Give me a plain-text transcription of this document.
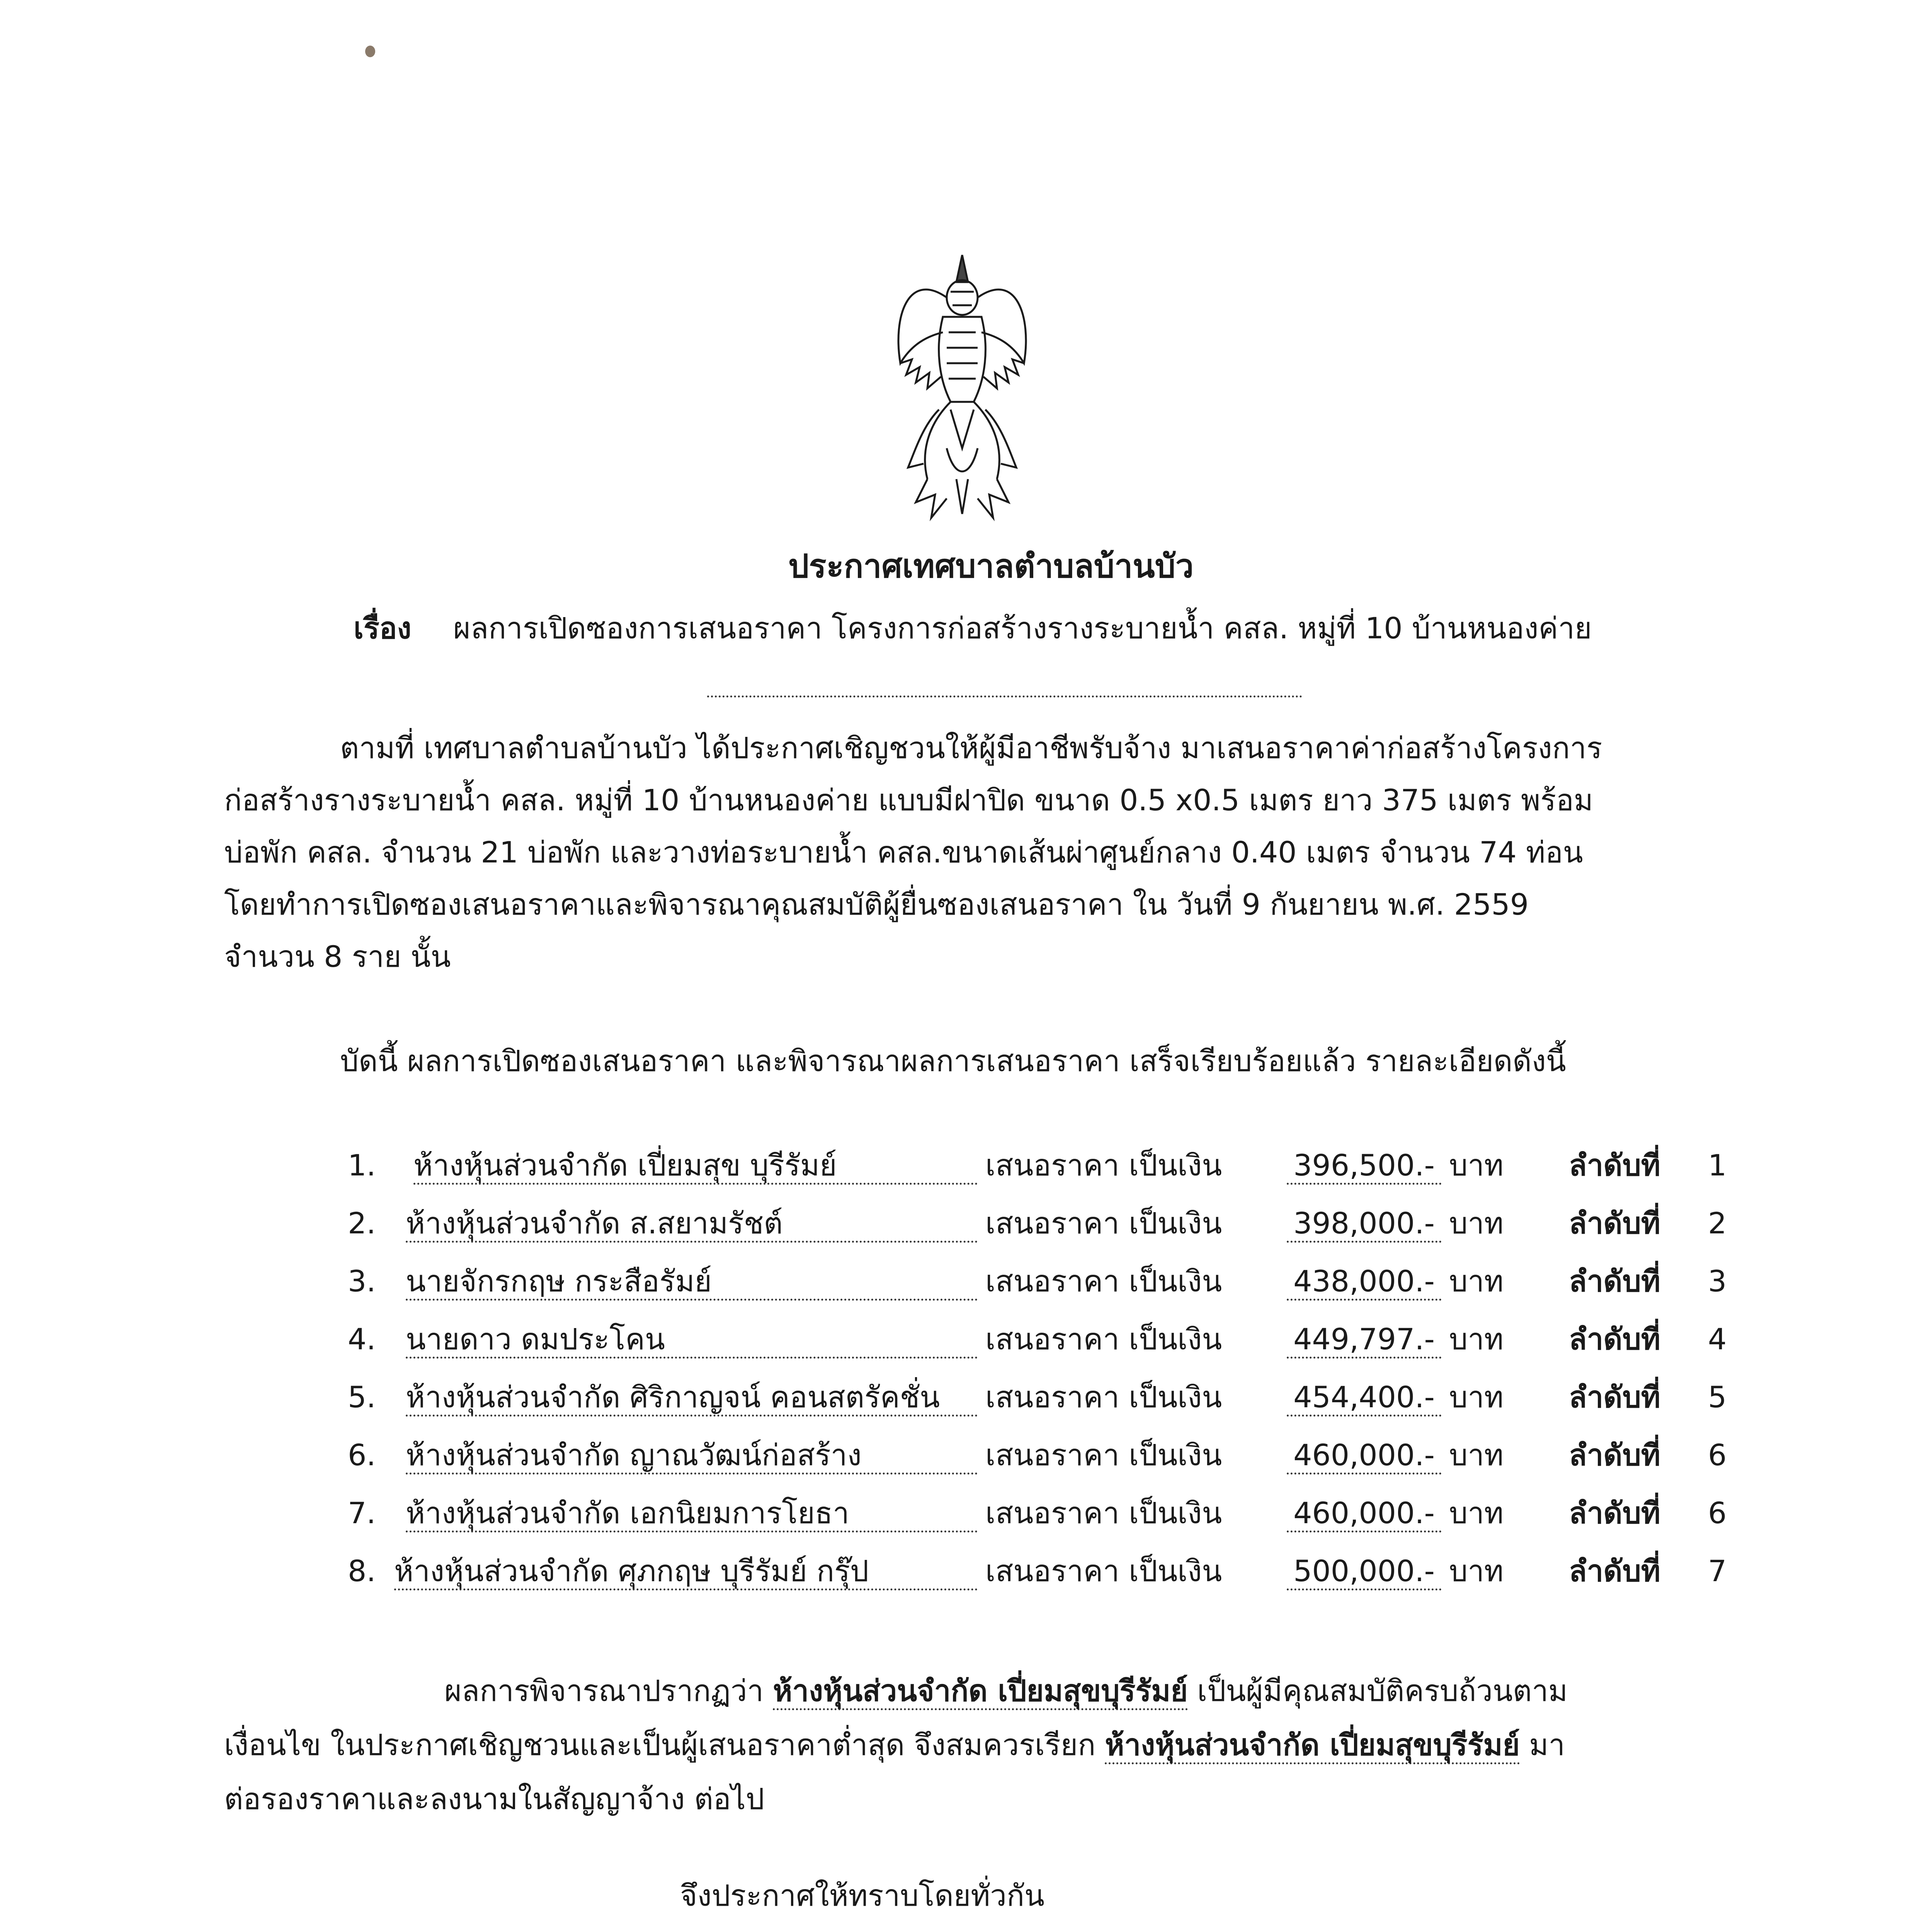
ประกาศเทศบาลตำบลบ้านบัว
เรื่อง ผลการเปิดซองการเสนอราคา โครงการก่อสร้างรางระบายน้ำ คสล. หมู่ที่ 10 บ้านหนองค่าย
ตามที่ เทศบาลตำบลบ้านบัว ได้ประกาศเชิญชวนให้ผู้มีอาชีพรับจ้าง มาเสนอราคาค่าก่อสร้างโครงการ
ก่อสร้างรางระบายน้ำ คสล. หมู่ที่ 10 บ้านหนองค่าย แบบมีฝาปิด ขนาด 0.5 x0.5 เมตร ยาว 375 เมตร พร้อม
บ่อพัก คสล. จำนวน 21 บ่อพัก และวางท่อระบายน้ำ คสล.ขนาดเส้นผ่าศูนย์กลาง 0.40 เมตร จำนวน 74 ท่อน
โดยทำการเปิดซองเสนอราคาและพิจารณาคุณสมบัติผู้ยื่นซองเสนอราคา ใน วันที่ 9 กันยายน พ.ศ. 2559
จำนวน 8 ราย นั้น
บัดนี้ ผลการเปิดซองเสนอราคา และพิจารณาผลการเสนอราคา เสร็จเรียบร้อยแล้ว รายละเอียดดังนี้
1. ห้างหุ้นส่วนจำกัด เปี่ยมสุข บุรีรัมย์	เสนอราคา เป็นเงิน 396,500.- บาท ลำดับที่ 1
2. ห้างหุ้นส่วนจำกัด ส.สยามรัชต์	เสนอราคา เป็นเงิน 398,000.- บาท ลำดับที่ 2
3. นายจักรกฤษ กระสือรัมย์	เสนอราคา เป็นเงิน 438,000.- บาท ลำดับที่ 3
4. นายดาว ดมประโคน	เสนอราคา เป็นเงิน 449,797.- บาท ลำดับที่ 4
5. ห้างหุ้นส่วนจำกัด ศิริกาญจน์ คอนสตรัคชั่น	เสนอราคา เป็นเงิน 454,400.- บาท ลำดับที่ 5
6. ห้างหุ้นส่วนจำกัด ญาณวัฒน์ก่อสร้าง	เสนอราคา เป็นเงิน 460,000.- บาท ลำดับที่ 6
7. ห้างหุ้นส่วนจำกัด เอกนิยมการโยธา	เสนอราคา เป็นเงิน 460,000.- บาท ลำดับที่ 6
8. ห้างหุ้นส่วนจำกัด ศุภกฤษ บุรีรัมย์ กรุ๊ป	เสนอราคา เป็นเงิน 500,000.- บาท ลำดับที่ 7
ผลการพิจารณาปรากฏว่า ห้างหุ้นส่วนจำกัด เปี่ยมสุขบุรีรัมย์ เป็นผู้มีคุณสมบัติครบถ้วนตาม
เงื่อนไข ในประกาศเชิญชวนและเป็นผู้เสนอราคาต่ำสุด จึงสมควรเรียก ห้างหุ้นส่วนจำกัด เปี่ยมสุขบุรีรัมย์ มา
ต่อรองราคาและลงนามในสัญญาจ้าง ต่อไป
จึงประกาศให้ทราบโดยทั่วกัน
